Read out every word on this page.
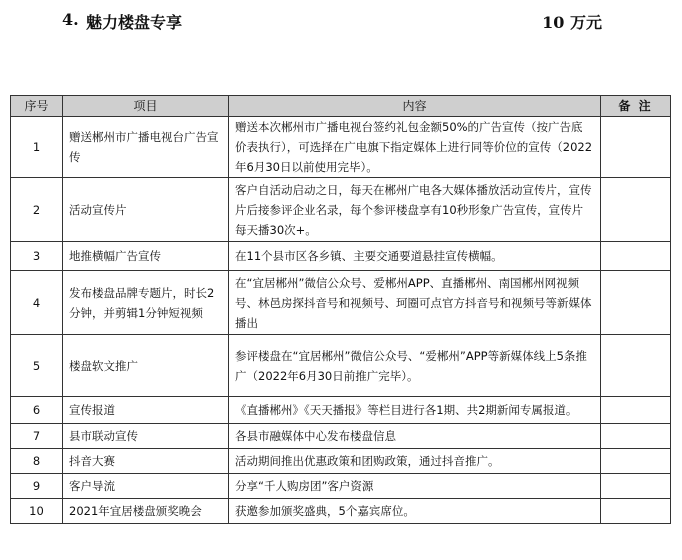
4. 魅力楼盘专享	10 万元
序号	项目	内容	备 注
1	赠送郴州市广播电视台广告宣传	赠送本次郴州市广播电视台签约礼包金额50%的广告宣传（按广告底价表执行），可选择在广电旗下指定媒体上进行同等价位的宣传（2022年6月30日以前使用完毕）。	
2	活动宣传片	客户自活动启动之日，每天在郴州广电各大媒体播放活动宣传片，宣传片后接参评企业名录，每个参评楼盘享有10秒形象广告宣传，宣传片每天播30次+。	
3	地推横幅广告宣传	在11个县市区各乡镇、主要交通要道悬挂宣传横幅。	
4	发布楼盘品牌专题片，时长2分钟，并剪辑1分钟短视频	在“宜居郴州”微信公众号、爱郴州APP、直播郴州、南国郴州网视频号、林邑房探抖音号和视频号、珂圈可点官方抖音号和视频号等新媒体播出	
5	楼盘软文推广	参评楼盘在“宜居郴州”微信公众号、“爱郴州”APP等新媒体线上5条推广（2022年6月30日前推广完毕）。	
6	宣传报道	《直播郴州》《天天播报》等栏目进行各1期、共2期新闻专属报道。	
7	县市联动宣传	各县市融媒体中心发布楼盘信息	
8	抖音大赛	活动期间推出优惠政策和团购政策，通过抖音推广。	
9	客户导流	分享“千人购房团”客户资源	
10	2021年宜居楼盘颁奖晚会	获邀参加颁奖盛典，5个嘉宾席位。	
